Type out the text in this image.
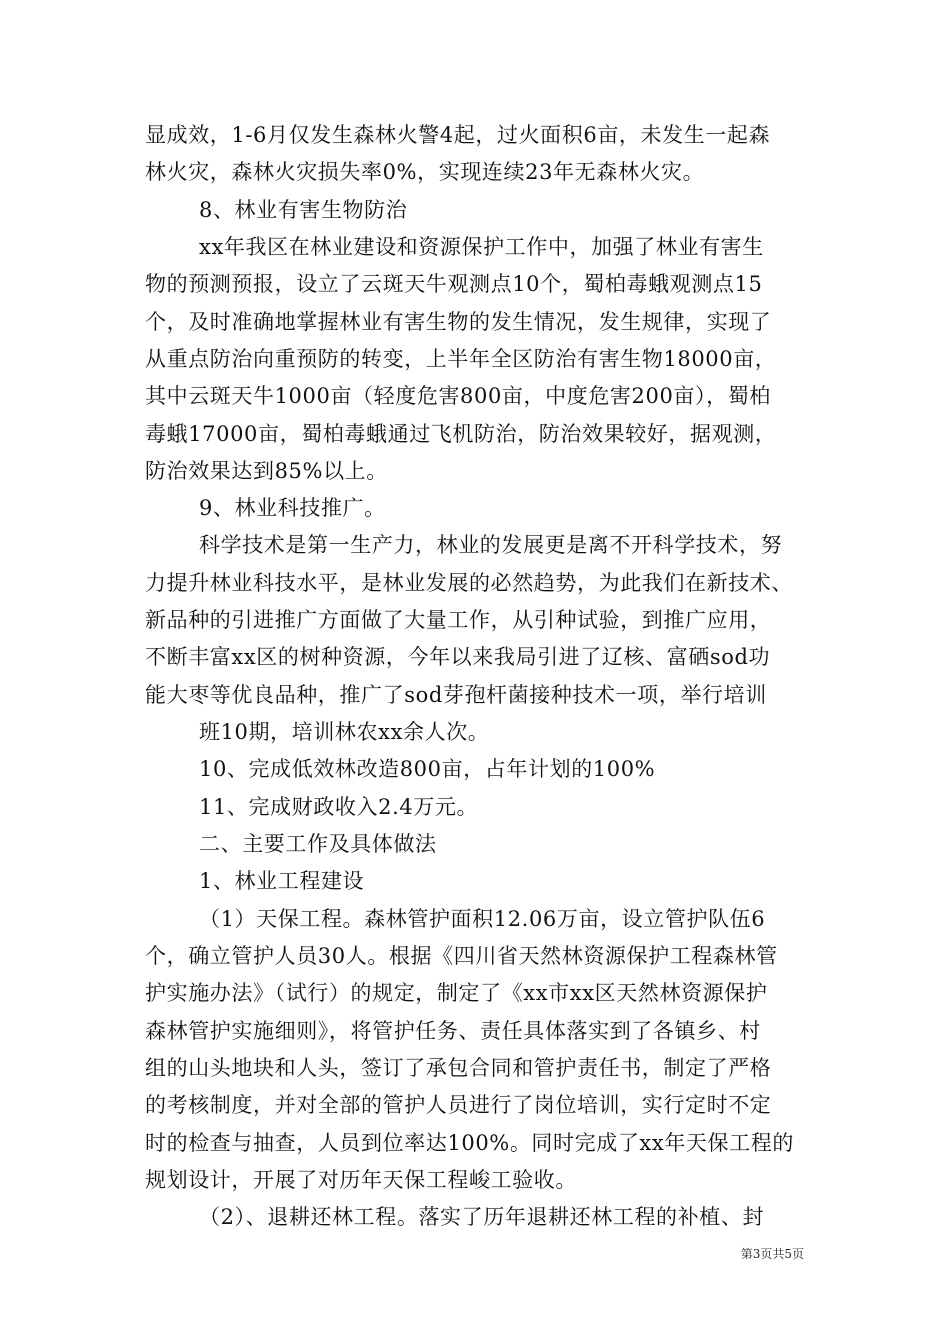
显成效，1-6月仅发生森林火警4起，过火面积6亩，未发生一起森
林火灾，森林火灾损失率0%，实现连续23年无森林火灾。
8、林业有害生物防治
xx年我区在林业建设和资源保护工作中，加强了林业有害生
物的预测预报，设立了云斑天牛观测点10个，蜀柏毒蛾观测点15
个，及时准确地掌握林业有害生物的发生情况，发生规律，实现了
从重点防治向重预防的转变，上半年全区防治有害生物18000亩，
其中云斑天牛1000亩（轻度危害800亩，中度危害200亩），蜀柏
毒蛾17000亩，蜀柏毒蛾通过飞机防治，防治效果较好，据观测，
防治效果达到85%以上。
9、林业科技推广。
科学技术是第一生产力，林业的发展更是离不开科学技术，努
力提升林业科技水平，是林业发展的必然趋势，为此我们在新技术、
新品种的引进推广方面做了大量工作，从引种试验，到推广应用，
不断丰富xx区的树种资源，今年以来我局引进了辽核、富硒sod功
能大枣等优良品种，推广了sod芽孢杆菌接种技术一项，举行培训
班10期，培训林农xx余人次。
10、完成低效林改造800亩，占年计划的100%
11、完成财政收入2.4万元。
二、主要工作及具体做法
1、林业工程建设
（1）天保工程。森林管护面积12.06万亩，设立管护队伍6
个，确立管护人员30人。根据《四川省天然林资源保护工程森林管
护实施办法》（试行）的规定，制定了《xx市xx区天然林资源保护
森林管护实施细则》，将管护任务、责任具体落实到了各镇乡、村
组的山头地块和人头，签订了承包合同和管护责任书，制定了严格
的考核制度，并对全部的管护人员进行了岗位培训，实行定时不定
时的检查与抽查，人员到位率达100%。同时完成了xx年天保工程的
规划设计，开展了对历年天保工程峻工验收。
（2）、退耕还林工程。落实了历年退耕还林工程的补植、封
第3页共5页
